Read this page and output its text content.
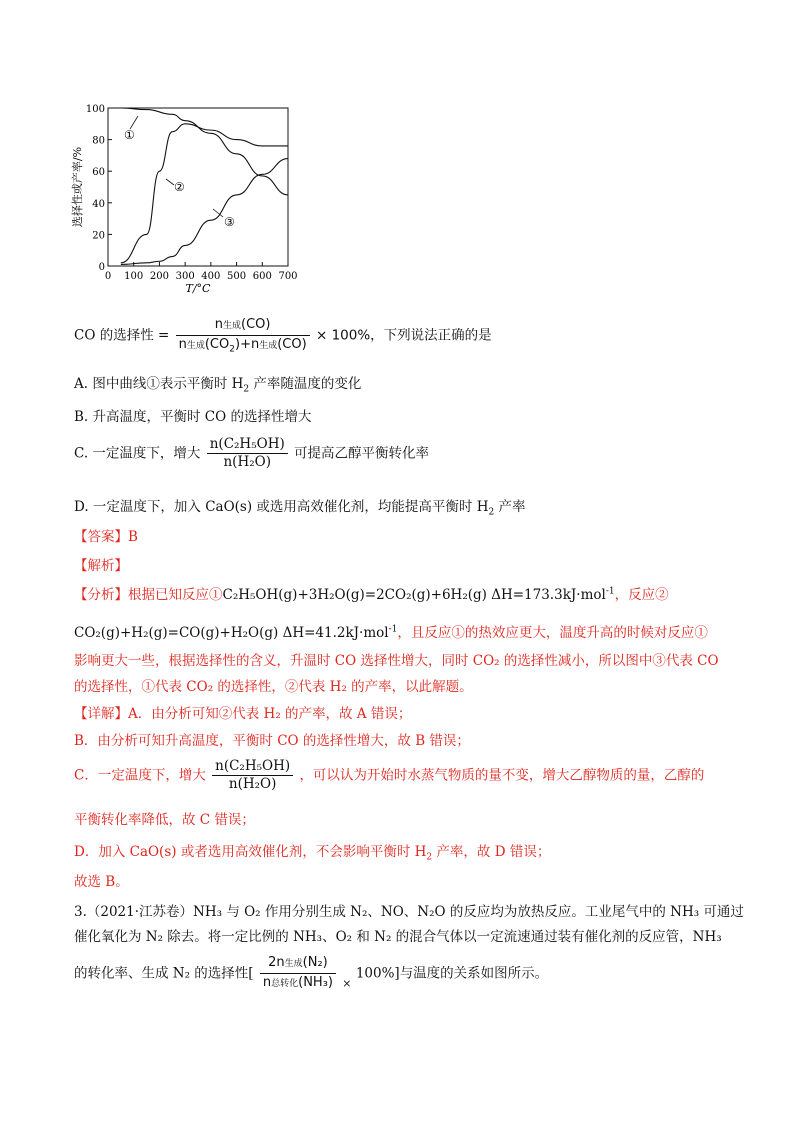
0
20
40
60
80
100
0 100 200 300 400 500 600 700
T/°C
选择性或产率/%
①
②
③
CO 的选择性 = $\frac{\text{n生成(CO)}}{n生成(CO_2)+n生成(CO)} \times 100\%$，下列说法正确的是
A. 图中曲线①表示平衡时 $H_2$ 产率随温度的变化
B. 升高温度，平衡时 CO 的选择性增大
C. 一定温度下，增大 $\frac{\text{n(C₂H₅OH)}}{\text{n(H₂O)}}$ 可提高乙醇平衡转化率
D. 一定温度下，加入 CaO(s) 或选用高效催化剂，均能提高平衡时 $H_2$ 产率
【答案】B
【解析】
【分析】根据已知反应①C₂H₅OH(g)+3H₂O(g)=2CO₂(g)+6H₂(g) ΔH=173.3kJ·mol$^{-1}$，反应②
CO₂(g)+H₂(g)=CO(g)+H₂O(g) ΔH=41.2kJ·mol$^{-1}$，且反应①的热效应更大，温度升高的时候对反应①
影响更大一些，根据选择性的含义，升温时 CO 选择性增大，同时 CO₂ 的选择性减小，所以图中③代表 CO
的选择性，①代表 CO₂ 的选择性，②代表 H₂ 的产率，以此解题。
【详解】A．由分析可知②代表 H₂ 的产率，故 A 错误；
B．由分析可知升高温度，平衡时 CO 的选择性增大，故 B 错误；
C．一定温度下，增大 $\frac{\text{n(C₂H₅OH)}}{\text{n(H₂O)}}$ ，可以认为开始时水蒸气物质的量不变，增大乙醇物质的量，乙醇的
平衡转化率降低，故 C 错误；
D．加入 CaO(s) 或者选用高效催化剂，不会影响平衡时 $H_2$ 产率，故 D 错误；
故选 B。
3.（2021·江苏卷）NH₃ 与 O₂ 作用分别生成 N₂、NO、N₂O 的反应均为放热反应。工业尾气中的 NH₃ 可通过
催化氧化为 N₂ 除去。将一定比例的 NH₃、O₂ 和 N₂ 的混合气体以一定流速通过装有催化剂的反应管，NH₃
的转化率、生成 N₂ 的选择性[ $\frac{\text{2n生成(N₂)}}{\text{n总转化(NH₃)}} _\times$ 100%]与温度的关系如图所示。
